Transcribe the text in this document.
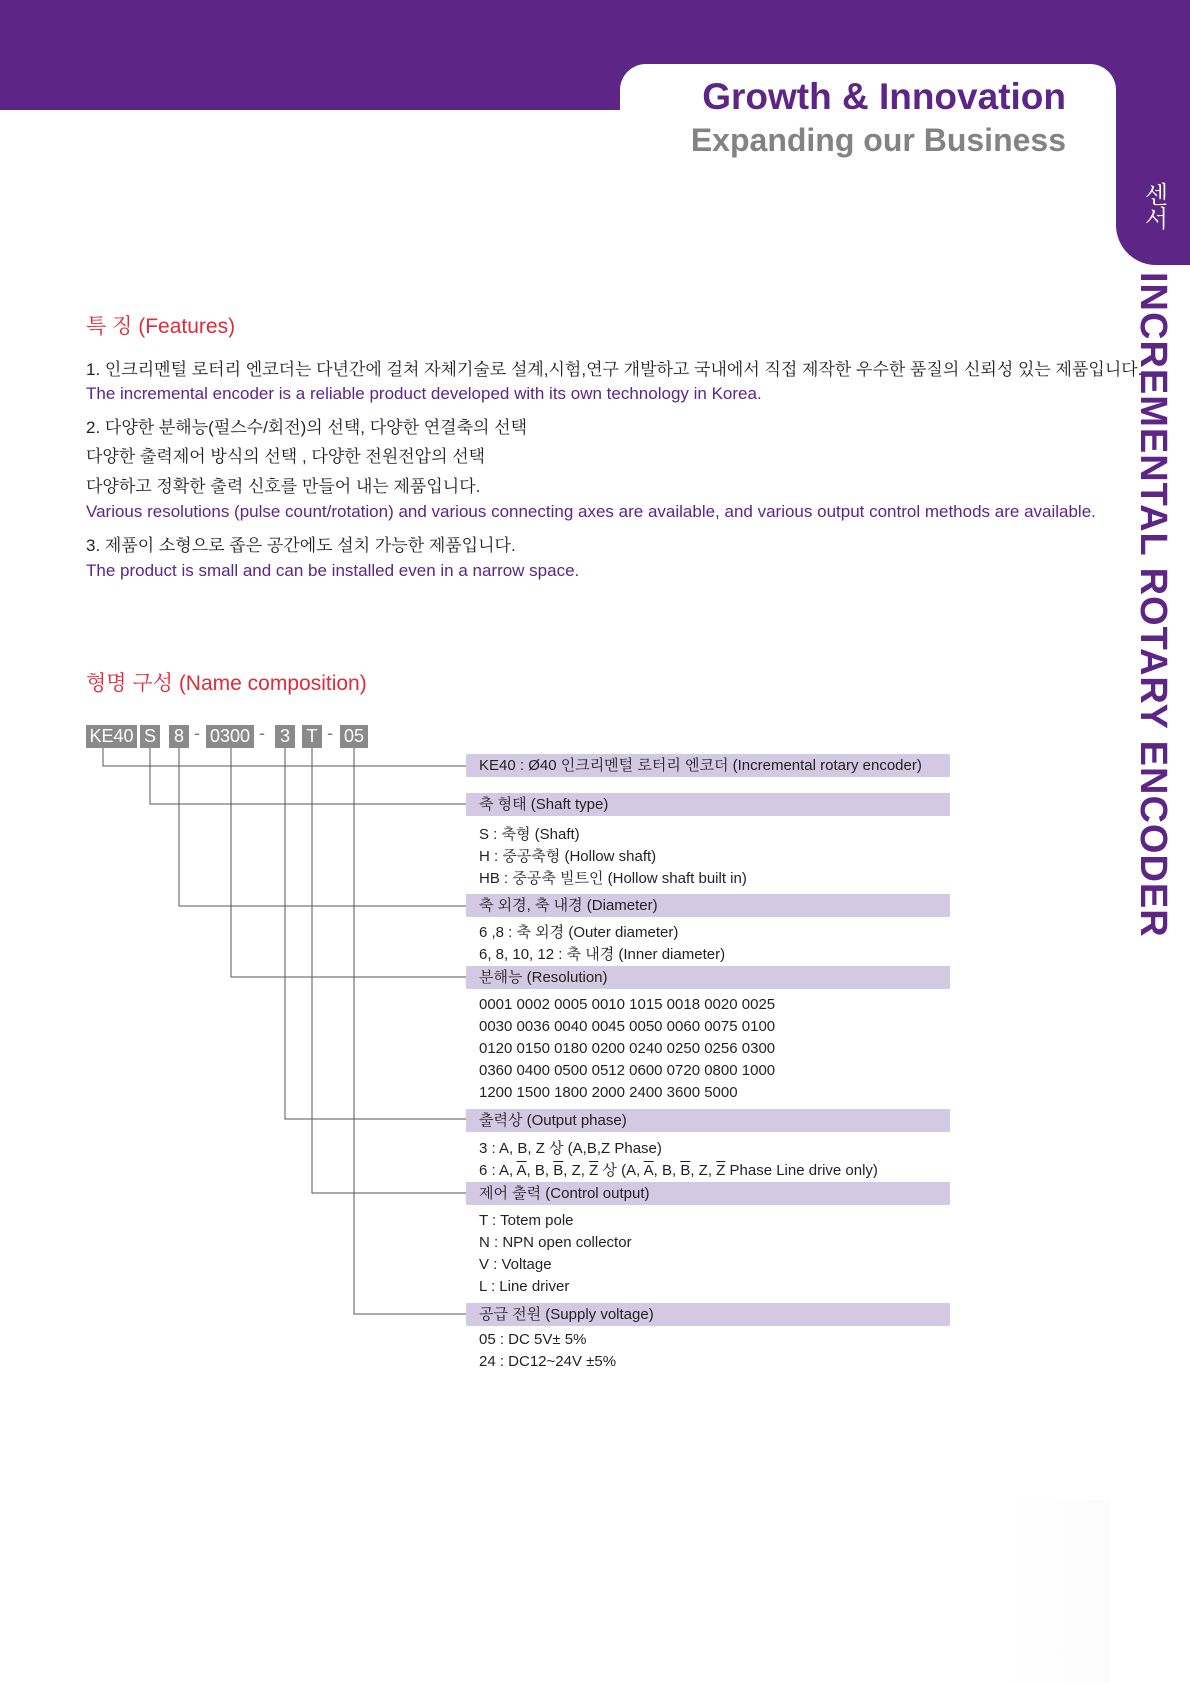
Growth & Innovation
Expanding our Business
센서
INCREMENTAL ROTARY ENCODER
특 징 (Features)
1. 인크리멘털 로터리 엔코더는 다년간에 걸쳐 자체기술로 설계,시험,연구 개발하고 국내에서 직접 제작한 우수한 품질의 신뢰성 있는 제품입니다.
The incremental encoder is a reliable product developed with its own technology in Korea.
2. 다양한 분해능(펄스수/회전)의 선택, 다양한 연결축의 선택
다양한 출력제어 방식의 선택 , 다양한 전원전압의 선택
다양하고 정확한 출력 신호를 만들어 내는 제품입니다.
Various resolutions (pulse count/rotation) and various connecting axes are available, and various output control methods are available.
3. 제품이 소형으로 좁은 공간에도 설치 가능한 제품입니다.
The product is small and can be installed even in a narrow space.
형명 구성 (Name composition)
KE40 S 8 - 0300 - 3 T - 05
KE40 : Ø40 인크리멘털 로터리 엔코더 (Incremental rotary encoder)
축 형태 (Shaft type)
S : 축형 (Shaft)
H : 중공축형 (Hollow shaft)
HB : 중공축 빌트인 (Hollow shaft built in)
축 외경, 축 내경 (Diameter)
6 ,8 : 축 외경 (Outer diameter)
6, 8, 10, 12 : 축 내경 (Inner diameter)
분해능 (Resolution)
0001 0002 0005 0010 1015 0018 0020 0025
0030 0036 0040 0045 0050 0060 0075 0100
0120 0150 0180 0200 0240 0250 0256 0300
0360 0400 0500 0512 0600 0720 0800 1000
1200 1500 1800 2000 2400 3600 5000
출력상 (Output phase)
3 : A, B, Z 상 (A,B,Z Phase)
6 : A, $\overline{A}$, B, $\overline{B}$, Z, $\overline{Z}$ 상 (A, $\overline{A}$, B, $\overline{B}$, Z, $\overline{Z}$ Phase Line drive only)
제어 출력 (Control output)
T : Totem pole
N : NPN open collector
V : Voltage
L : Line driver
공급 전원 (Supply voltage)
05 : DC 5V± 5%
24 : DC12~24V ±5%
